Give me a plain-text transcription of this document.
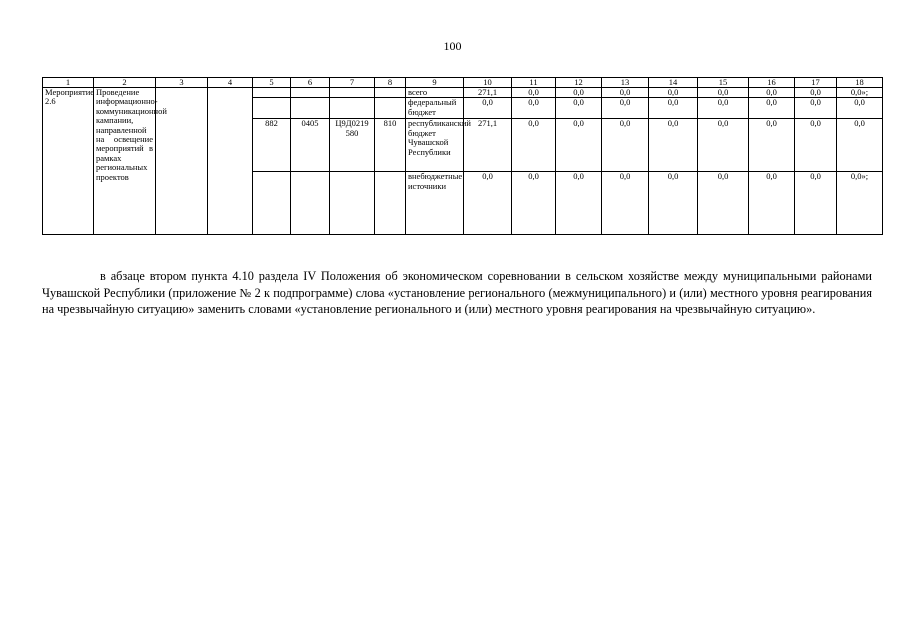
100
1	2	3	4	5	6	7	8	9	10	11	12	13	14	15	16	17	18
Мероприятие 2.6	Проведение информационно-коммуникационной кампании, направленной на освещение мероприятий в рамках региональных проектов							всего	271,1	0,0	0,0	0,0	0,0	0,0	0,0	0,0	0,0»;
								федеральный бюджет	0,0	0,0	0,0	0,0	0,0	0,0	0,0	0,0	0,0
				882	0405	Ц9Д0219 580	810	республиканский бюджет Чувашской Республики	271,1	0,0	0,0	0,0	0,0	0,0	0,0	0,0	0,0
								внебюджетные источники	0,0	0,0	0,0	0,0	0,0	0,0	0,0	0,0	0,0»;

в абзаце втором пункта 4.10 раздела IV Положения об экономическом соревновании в сельском хозяйстве между муниципальными районами Чувашской Республики (приложение № 2 к подпрограмме) слова «установление регионального (межмуниципального) и (или) местного уровня реагирования на чрезвычайную ситуацию» заменить словами «установление регионального и (или) местного уровня реагирования на чрезвычайную ситуацию».
